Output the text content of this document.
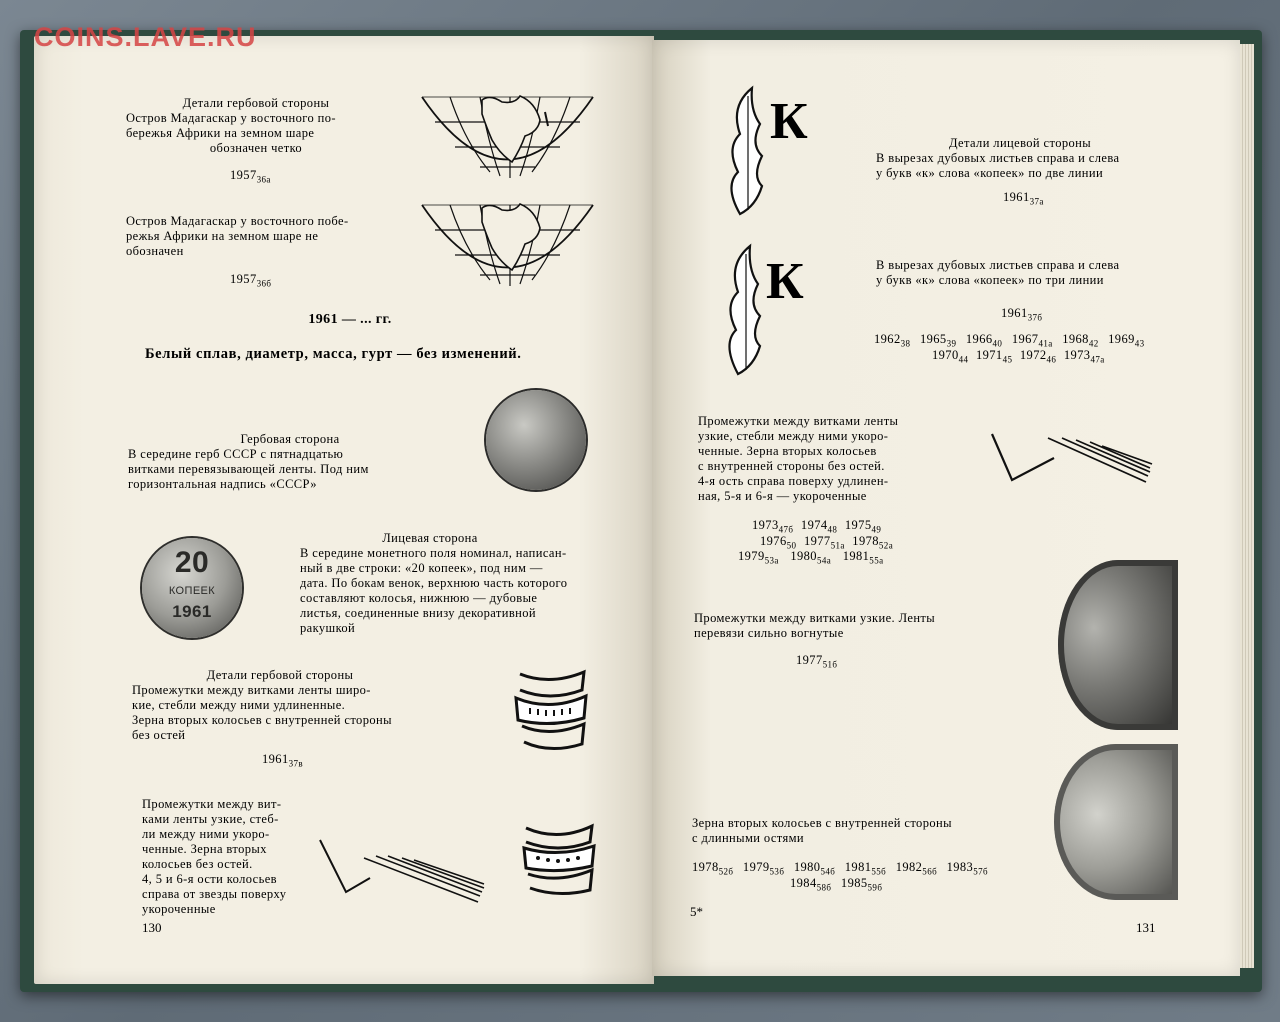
COINS.LAVE.RU
Детали гербовой стороны
Остров Мадагаскар у восточного по-
бережья Африки на земном шаре
обозначен четко
$1957_{36а}$
Остров Мадагаскар у восточного побе-
режья Африки на земном шаре не
обозначен
$1957_{36б}$
1961 — ... гг.
Белый сплав, диаметр, масса, гурт — без изменений.
Гербовая сторона
В середине герб СССР с пятнадцатью
витками перевязывающей ленты. Под ним
горизонтальная надпись «СССР»
20
КОПЕЕК
1961
Лицевая сторона
В середине монетного поля номинал, написан-
ный в две строки: «20 копеек», под ним —
дата. По бокам венок, верхнюю часть которого
составляют колосья, нижнюю — дубовые
листья, соединенные внизу декоративной
ракушкой
Детали гербовой стороны
Промежутки между витками ленты широ-
кие, стебли между ними удлиненные.
Зерна вторых колосьев с внутренней стороны
без остей
$1961_{37в}$
Промежутки между вит-
ками ленты узкие, стеб-
ли между ними укоро-
ченные. Зерна вторых
колосьев без остей.
4, 5 и 6-я ости колосьев
справа от звезды поверху
укороченные
130
К
К
Детали лицевой стороны
В вырезах дубовых листьев справа и слева
у букв «к» слова «копеек» по две линии
$1961_{37а}$
В вырезах дубовых листьев справа и слева
у букв «к» слова «копеек» по три линии
$1961_{37б}$
$1962_{38}$ $1965_{39}$ $1966_{40}$ $1967_{41а}$ $1968_{42}$ $1969_{43}$
$1970_{44}$ $1971_{45}$ $1972_{46}$ $1973_{47а}$
Промежутки между витками ленты
узкие, стебли между ними укоро-
ченные. Зерна вторых колосьев
с внутренней стороны без остей.
4-я ость справа поверху удлинен-
ная, 5-я и 6-я — укороченные
$1973_{47б}$ $1974_{48}$ $1975_{49}$
$1976_{50}$ $1977_{51а}$ $1978_{52а}$
$1979_{53а}$ $1980_{54а}$ $1981_{55а}$
Промежутки между витками узкие. Ленты
перевязи сильно вогнутые
$1977_{51б}$
Зерна вторых колосьев с внутренней стороны
с длинными остями
$1978_{52б}$ $1979_{53б}$ $1980_{54б}$ $1981_{55б}$ $1982_{56б}$ $1983_{57б}$
$1984_{58б}$ $1985_{59б}$
5*
131
